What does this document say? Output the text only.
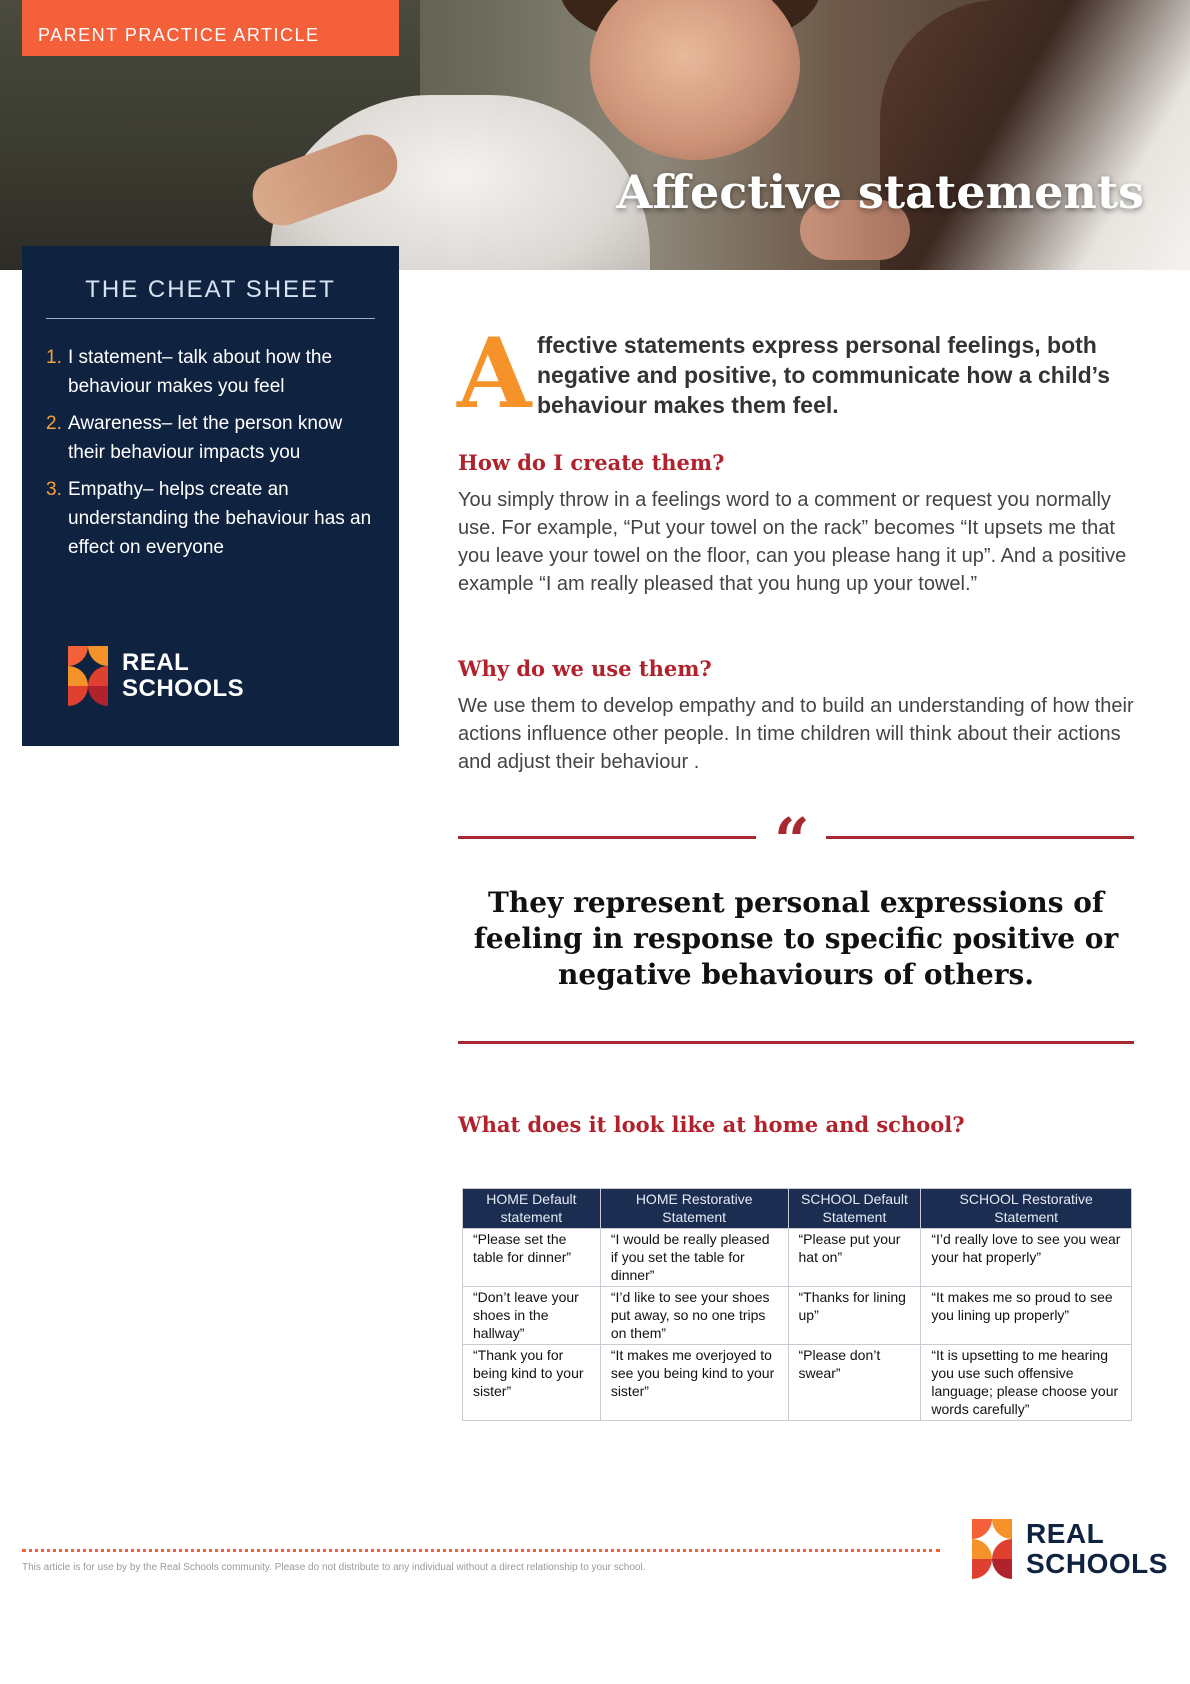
PARENT PRACTICE ARTICLE
Affective statements
THE CHEAT SHEET
1. I statement– talk about how the behaviour makes you feel
2. Awareness– let the person know their behaviour impacts you
3. Empathy– helps create an understanding the behaviour has an effect on everyone
REAL
SCHOOLS
A ffective statements express personal feelings, both negative and positive, to communicate how a child’s behaviour makes them feel.
How do I create them?
You simply throw in a feelings word to a comment or request you normally use. For example, “Put your towel on the rack” becomes “It upsets me that you leave your towel on the floor, can you please hang it up”. And a positive example “I am really pleased that you hung up your towel.”
Why do we use them?
We use them to develop empathy and to build an understanding of how their actions influence other people. In time children will think about their actions and adjust their behaviour .
“
They represent personal expressions of feeling in response to specific positive or negative behaviours of others.
What does it look like at home and school?
HOME Default statement	HOME Restorative Statement	SCHOOL Default Statement	SCHOOL Restorative Statement
“Please set the table for dinner”	“I would be really pleased if you set the table for dinner”	“Please put your hat on”	“I’d really love to see you wear your hat properly”
“Don’t leave your shoes in the hallway”	“I’d like to see your shoes put away, so no one trips on them”	“Thanks for lining up”	“It makes me so proud to see you lining up properly”
“Thank you for being kind to your sister”	“It makes me overjoyed to see you being kind to your sister”	“Please don’t swear”	“It is upsetting to me hearing you use such offensive language; please choose your words carefully”
This article is for use by by the Real Schools community. Please do not distribute to any individual without a direct relationship to your school.
REAL
SCHOOLS
